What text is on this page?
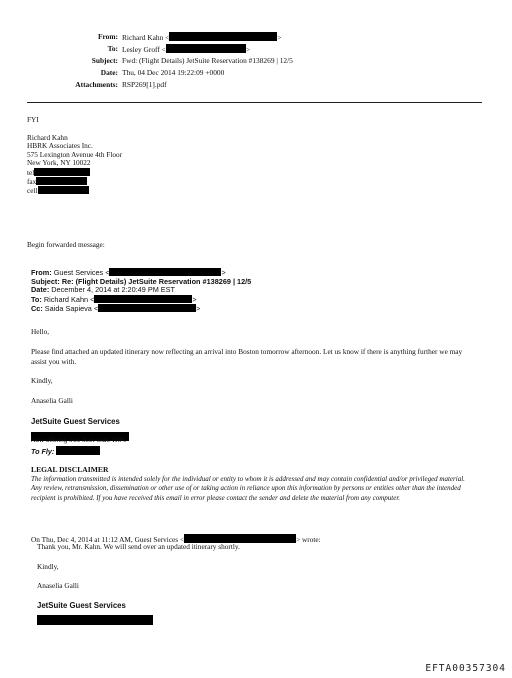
From: Richard Kahn <	>
To: Lesley Groff <	>
Subject: Fwd: (Flight Details) JetSuite Reservation #138269 | 12/5
Date: Thu, 04 Dec 2014 19:22:09 +0000
Attachments: RSP269[1].pdf
FYI
Richard Kahn
HBRK Associates Inc.
575 Lexington Avenue 4th Floor
New York, NY 10022
tel
fax
cell
Begin forwarded message:
From: Guest Services <	>
Subject: Re: (Flight Details) JetSuite Reservation #138269 | 12/5
Date: December 4, 2014 at 2:20:49 PM EST
To: Richard Kahn <	>
Cc: Saida Sapieva <	>
Hello,
Please find attached an updated itinerary now reflecting an arrival into Boston tomorrow afternoon. Let us know if there is anything further we may assist you with.
Kindly,
Anaselia Galli
JetSuite Guest Services
Now offering free fleet-wide WiFi.
To Fly:
LEGAL DISCLAIMER
The information transmitted is intended solely for the individual or entity to whom it is addressed and may contain confidential and/or privileged material. Any review, retransmission, dissemination or other use of or taking action in reliance upon this information by persons or entities other than the intended recipient is prohibited. If you have received this email in error please contact the sender and delete the material from any computer.
On Thu, Dec 4, 2014 at 11:12 AM, Guest Services <	> wrote:
Thank you, Mr. Kahn. We will send over an updated itinerary shortly.
Kindly,
Anaselia Galli
JetSuite Guest Services
EFTA00357304
